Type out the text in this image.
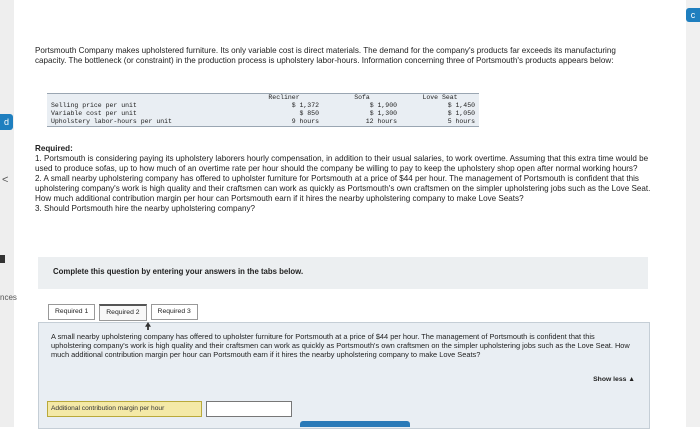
d
<
nces
c
Portsmouth Company makes upholstered furniture. Its only variable cost is direct materials. The demand for the company's products far exceeds its manufacturing capacity. The bottleneck (or constraint) in the production process is upholstery labor-hours. Information concerning three of Portsmouth's products appears below:
	Recliner	Sofa	Love Seat
Selling price per unit	$ 1,372	$ 1,900	$ 1,450
Variable cost per unit	$ 850	$ 1,300	$ 1,050
Upholstery labor-hours per unit	9 hours	12 hours	5 hours
Required:
1. Portsmouth is considering paying its upholstery laborers hourly compensation, in addition to their usual salaries, to work overtime. Assuming that this extra time would be used to produce sofas, up to how much of an overtime rate per hour should the company be willing to pay to keep the upholstery shop open after normal working hours?
2. A small nearby upholstering company has offered to upholster furniture for Portsmouth at a price of $44 per hour. The management of Portsmouth is confident that this upholstering company's work is high quality and their craftsmen can work as quickly as Portsmouth's own craftsmen on the simpler upholstering jobs such as the Love Seat. How much additional contribution margin per hour can Portsmouth earn if it hires the nearby upholstering company to make Love Seats?
3. Should Portsmouth hire the nearby upholstering company?
Complete this question by entering your answers in the tabs below.
Required 1	Required 2	Required 3
A small nearby upholstering company has offered to upholster furniture for Portsmouth at a price of $44 per hour. The management of Portsmouth is confident that this upholstering company's work is high quality and their craftsmen can work as quickly as Portsmouth's own craftsmen on the simpler upholstering jobs such as the Love Seat. How much additional contribution margin per hour can Portsmouth earn if it hires the nearby upholstering company to make Love Seats?
Show less ▲
Additional contribution margin per hour
